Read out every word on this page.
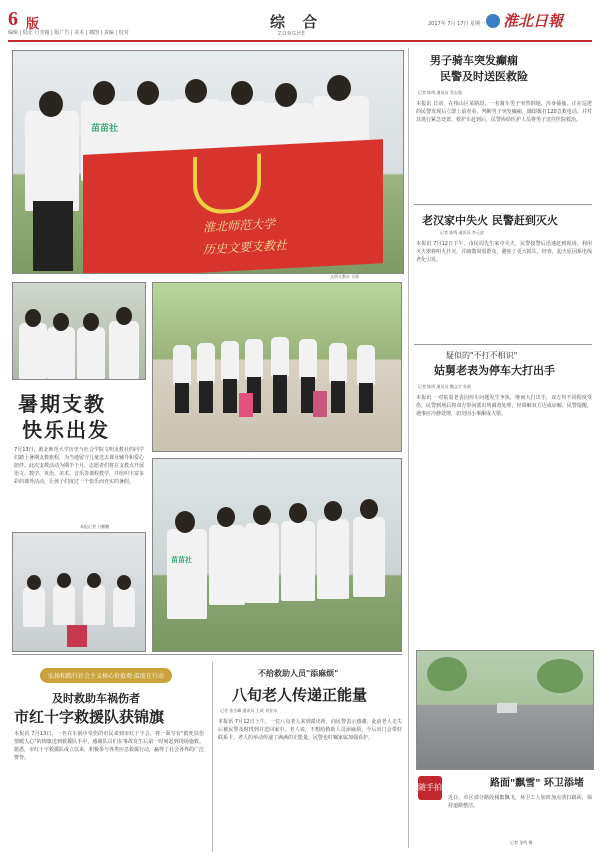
6 版
编辑 | 陆北 行李箱 | 版广告 | 美术 | 插图 | 责编 | 校对
综 合
ZONGHE
2017年 7月 17日 星期一	淮北日報
苗苗社
淮北师范大学
历史文要支教社
文明支教社 合影
暑期支教
快乐出发
7月13日，淮北师范大学历史与社会学院文明支教社的同学们踏上暑期支教旅程，为当地留守儿童送去课业辅导和爱心陪伴。此次支教活动为期半个月，志愿者们将在支教点开展语文、数学、英语、美术、音乐等课程教学，并组织丰富多彩的课外活动，让孩子们度过一个快乐而充实的暑假。
本报记者 万鹏鹏
苗苗社
男子骑车突发癫痫
民警及时送医救险
记者 陈鸣 通讯员 蔡志强
本报讯 日前，在相山区某路段，一名骑车男子突然倒地，浑身抽搐。正在巡逻的民警发现后立即上前查看，判断男子突发癫痫，随即拨打120急救电话，并对其进行紧急处置。救护车赶到后，民警协助医护人员将男子送往医院救治。
老汉家中失火 民警赶到灭火
记者 陈鸣 通讯员 李云波
本报讯 7月12日下午，市民周先生家中失火，民警接警后迅速赶到现场，利用灭火器将明火扑灭，并疏散周围群众，避免了更大损失。经查，起火原因系电线老化引发。
疑似的"不打不相识"
姑舅老表为停车大打出手
记者 陈鸣 通讯员 魏文学 杜鹃
本报讯 一对姑舅老表因停车问题发生争执，继而大打出手，双方均不同程度受伤。民警到场后将双方带回派出所调查处理，经调解双方达成谅解。民警提醒，遇事应冷静处理，切勿因小事酿成大错。
随手拍	路面"飘雪" 环卫添堵
近日，市区部分路段杨絮飘飞，环卫工人加班加点清扫路面，保持道路整洁。
记者 金鸣 摄
弘扬和践行社会主义核心价值观·温度在行动
及时救助车祸伤者
市红十字救援队获锦旗
本报讯 7月13日，一名在车祸中受伤的市民来到市红十字会，将一面写有"救死扶伤 情暖人心"的锦旗送到救援队手中，感谢队员们在事故发生后第一时间赶到现场施救。据悉，市红十字救援队成立以来，积极参与各类应急救援行动，赢得了社会各界的广泛赞誉。
不给救助人员"添麻烦"
八旬老人传递正能量
记者 张岳峰 通讯员 王政 刘亚东
本报讯 7月12日上午，一位八旬老人来到派出所，向民警表示感谢。此前老人走失后被民警及时找到并送回家中。老人说，不想给救助人员添麻烦，今后出门会带好联系卡。老人的举动传递了满满的正能量，民警也叮嘱家属加强看护。
